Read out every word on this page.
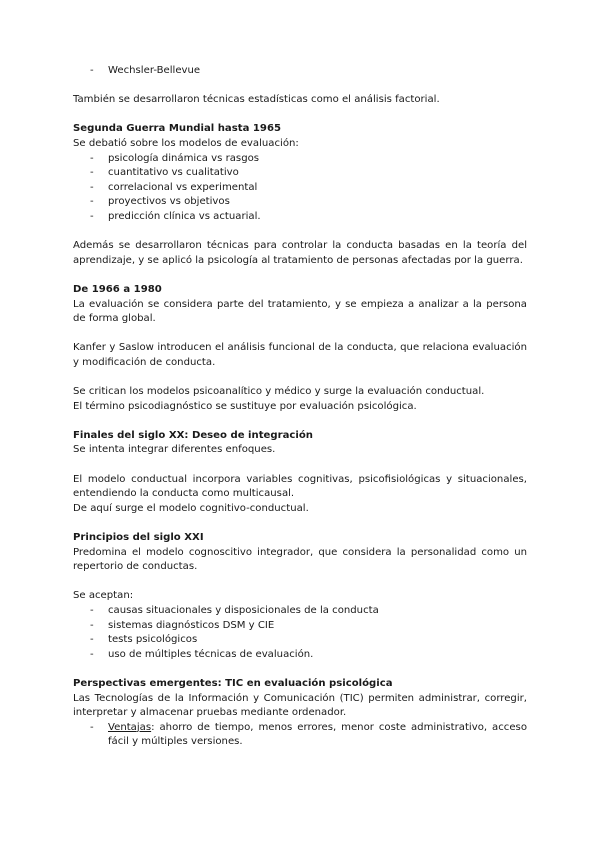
- Wechsler-Bellevue

También se desarrollaron técnicas estadísticas como el análisis factorial.

Segunda Guerra Mundial hasta 1965

Se debatió sobre los modelos de evaluación:

- psicología dinámica vs rasgos
- cuantitativo vs cualitativo
- correlacional vs experimental
- proyectivos vs objetivos
- predicción clínica vs actuarial.

Además se desarrollaron técnicas para controlar la conducta basadas en la teoría del aprendizaje, y se aplicó la psicología al tratamiento de personas afectadas por la guerra.

De 1966 a 1980

La evaluación se considera parte del tratamiento, y se empieza a analizar a la persona de forma global.

Kanfer y Saslow introducen el análisis funcional de la conducta, que relaciona evaluación y modificación de conducta.

Se critican los modelos psicoanalítico y médico y surge la evaluación conductual.

El término psicodiagnóstico se sustituye por evaluación psicológica.

Finales del siglo XX: Deseo de integración

Se intenta integrar diferentes enfoques.

El modelo conductual incorpora variables cognitivas, psicofisiológicas y situacionales, entendiendo la conducta como multicausal.

De aquí surge el modelo cognitivo-conductual.

Principios del siglo XXI

Predomina el modelo cognoscitivo integrador, que considera la personalidad como un repertorio de conductas.

Se aceptan:

- causas situacionales y disposicionales de la conducta
- sistemas diagnósticos DSM y CIE
- tests psicológicos
- uso de múltiples técnicas de evaluación.

Perspectivas emergentes: TIC en evaluación psicológica

Las Tecnologías de la Información y Comunicación (TIC) permiten administrar, corregir, interpretar y almacenar pruebas mediante ordenador.

- Ventajas: ahorro de tiempo, menos errores, menor coste administrativo, acceso fácil y múltiples versiones.
